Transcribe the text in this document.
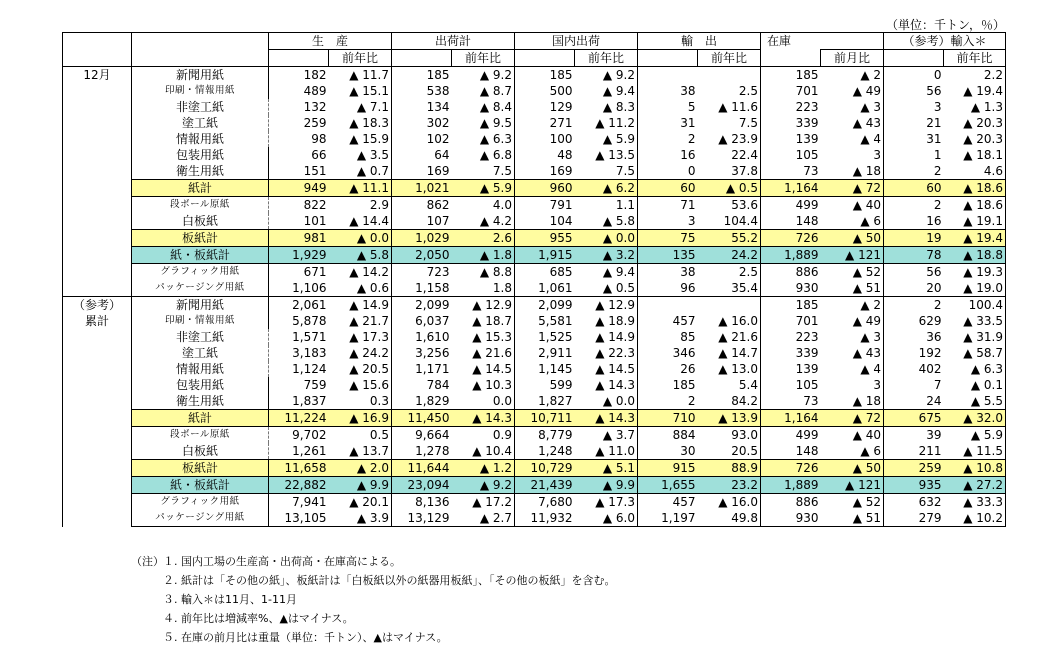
（単位：千トン，％）
		生　産		出荷計		国内出荷		輸　出		在庫		（参考）輸入＊	
			前年比		前年比		前年比		前年比		前月比		前年比

12月	新聞用紙	182	▲ 11.7	185	▲ 9.2	185	▲ 9.2			185	▲ 2	0	2.2
	印刷・情報用紙	489	▲ 15.1	538	▲ 8.7	500	▲ 9.4	38	2.5	701	▲ 49	56	▲ 19.4
	非塗工紙	132	▲ 7.1	134	▲ 8.4	129	▲ 8.3	5	▲ 11.6	223	▲ 3	3	▲ 1.3
	塗工紙	259	▲ 18.3	302	▲ 9.5	271	▲ 11.2	31	7.5	339	▲ 43	21	▲ 20.3
	情報用紙	98	▲ 15.9	102	▲ 6.3	100	▲ 5.9	2	▲ 23.9	139	▲ 4	31	▲ 20.3
	包装用紙	66	▲ 3.5	64	▲ 6.8	48	▲ 13.5	16	22.4	105	3	1	▲ 18.1
	衛生用紙	151	▲ 0.7	169	7.5	169	7.5	0	37.8	73	▲ 18	2	4.6
	紙計	949	▲ 11.1	1,021	▲ 5.9	960	▲ 6.2	60	▲ 0.5	1,164	▲ 72	60	▲ 18.6
	段ボール原紙	822	2.9	862	4.0	791	1.1	71	53.6	499	▲ 40	2	▲ 18.6
	白板紙	101	▲ 14.4	107	▲ 4.2	104	▲ 5.8	3	104.4	148	▲ 6	16	▲ 19.1
	板紙計	981	▲ 0.0	1,029	2.6	955	▲ 0.0	75	55.2	726	▲ 50	19	▲ 19.4
	紙・板紙計	1,929	▲ 5.8	2,050	▲ 1.8	1,915	▲ 3.2	135	24.2	1,889	▲ 121	78	▲ 18.8
	グラフィック用紙	671	▲ 14.2	723	▲ 8.8	685	▲ 9.4	38	2.5	886	▲ 52	56	▲ 19.3
	パッケージング用紙	1,106	▲ 0.6	1,158	1.8	1,061	▲ 0.5	96	35.4	930	▲ 51	20	▲ 19.0

（参考）
累計	新聞用紙	2,061	▲ 14.9	2,099	▲ 12.9	2,099	▲ 12.9			185	▲ 2	2	100.4
	印刷・情報用紙	5,878	▲ 21.7	6,037	▲ 18.7	5,581	▲ 18.9	457	▲ 16.0	701	▲ 49	629	▲ 33.5
	非塗工紙	1,571	▲ 17.3	1,610	▲ 15.3	1,525	▲ 14.9	85	▲ 21.6	223	▲ 3	36	▲ 31.9
	塗工紙	3,183	▲ 24.2	3,256	▲ 21.6	2,911	▲ 22.3	346	▲ 14.7	339	▲ 43	192	▲ 58.7
	情報用紙	1,124	▲ 20.5	1,171	▲ 14.5	1,145	▲ 14.5	26	▲ 13.0	139	▲ 4	402	▲ 6.3
	包装用紙	759	▲ 15.6	784	▲ 10.3	599	▲ 14.3	185	5.4	105	3	7	▲ 0.1
	衛生用紙	1,837	0.3	1,829	0.0	1,827	▲ 0.0	2	84.2	73	▲ 18	24	▲ 5.5
	紙計	11,224	▲ 16.9	11,450	▲ 14.3	10,711	▲ 14.3	710	▲ 13.9	1,164	▲ 72	675	▲ 32.0
	段ボール原紙	9,702	0.5	9,664	0.9	8,779	▲ 3.7	884	93.0	499	▲ 40	39	▲ 5.9
	白板紙	1,261	▲ 13.7	1,278	▲ 10.4	1,248	▲ 11.0	30	20.5	148	▲ 6	211	▲ 11.5
	板紙計	11,658	▲ 2.0	11,644	▲ 1.2	10,729	▲ 5.1	915	88.9	726	▲ 50	259	▲ 10.8
	紙・板紙計	22,882	▲ 9.9	23,094	▲ 9.2	21,439	▲ 9.9	1,655	23.2	1,889	▲ 121	935	▲ 27.2
	グラフィック用紙	7,941	▲ 20.1	8,136	▲ 17.2	7,680	▲ 17.3	457	▲ 16.0	886	▲ 52	632	▲ 33.3
	パッケージング用紙	13,105	▲ 3.9	13,129	▲ 2.7	11,932	▲ 6.0	1,197	49.8	930	▲ 51	279	▲ 10.2
（注）１. 国内工場の生産高・出荷高・在庫高による。
２. 紙計は「その他の紙」、板紙計は「白板紙以外の紙器用板紙」、「その他の板紙」を含む。
３. 輸入＊は11月、1-11月
４. 前年比は増減率%、▲はマイナス。
５. 在庫の前月比は重量（単位：千トン）、▲はマイナス。
